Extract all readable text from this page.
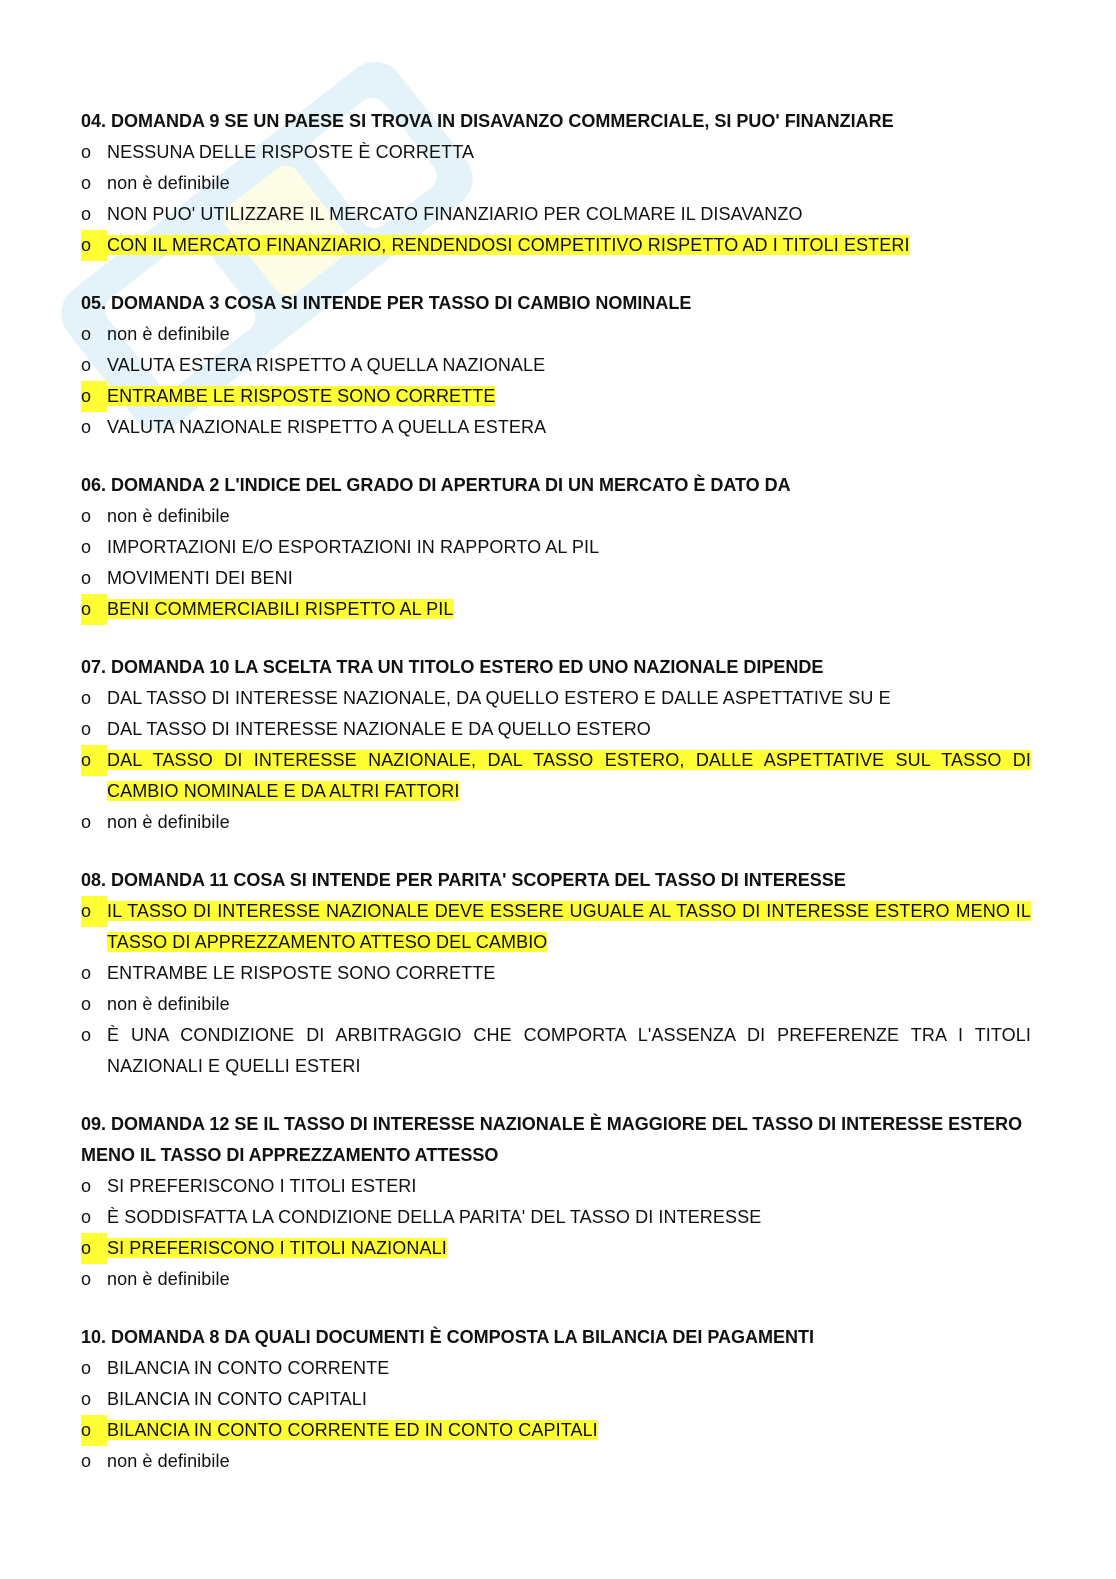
04. DOMANDA 9 SE UN PAESE SI TROVA IN DISAVANZO COMMERCIALE, SI PUO' FINANZIARE
o NESSUNA DELLE RISPOSTE È CORRETTA
o non è definibile
o NON PUO' UTILIZZARE IL MERCATO FINANZIARIO PER COLMARE IL DISAVANZO
o CON IL MERCATO FINANZIARIO, RENDENDOSI COMPETITIVO RISPETTO AD I TITOLI ESTERI
05. DOMANDA 3 COSA SI INTENDE PER TASSO DI CAMBIO NOMINALE
o non è definibile
o VALUTA ESTERA RISPETTO A QUELLA NAZIONALE
o ENTRAMBE LE RISPOSTE SONO CORRETTE
o VALUTA NAZIONALE RISPETTO A QUELLA ESTERA
06. DOMANDA 2 L'INDICE DEL GRADO DI APERTURA DI UN MERCATO È DATO DA
o non è definibile
o IMPORTAZIONI E/O ESPORTAZIONI IN RAPPORTO AL PIL
o MOVIMENTI DEI BENI
o BENI COMMERCIABILI RISPETTO AL PIL
07. DOMANDA 10 LA SCELTA TRA UN TITOLO ESTERO ED UNO NAZIONALE DIPENDE
o DAL TASSO DI INTERESSE NAZIONALE, DA QUELLO ESTERO E DALLE ASPETTATIVE SU E
o DAL TASSO DI INTERESSE NAZIONALE E DA QUELLO ESTERO
o DAL TASSO DI INTERESSE NAZIONALE, DAL TASSO ESTERO, DALLE ASPETTATIVE SUL TASSO DI CAMBIO NOMINALE E DA ALTRI FATTORI
o non è definibile
08. DOMANDA 11 COSA SI INTENDE PER PARITA' SCOPERTA DEL TASSO DI INTERESSE
o IL TASSO DI INTERESSE NAZIONALE DEVE ESSERE UGUALE AL TASSO DI INTERESSE ESTERO MENO IL TASSO DI APPREZZAMENTO ATTESO DEL CAMBIO
o ENTRAMBE LE RISPOSTE SONO CORRETTE
o non è definibile
o È UNA CONDIZIONE DI ARBITRAGGIO CHE COMPORTA L'ASSENZA DI PREFERENZE TRA I TITOLI NAZIONALI E QUELLI ESTERI
09. DOMANDA 12 SE IL TASSO DI INTERESSE NAZIONALE È MAGGIORE DEL TASSO DI INTERESSE ESTERO MENO IL TASSO DI APPREZZAMENTO ATTESSO
o SI PREFERISCONO I TITOLI ESTERI
o È SODDISFATTA LA CONDIZIONE DELLA PARITA' DEL TASSO DI INTERESSE
o SI PREFERISCONO I TITOLI NAZIONALI
o non è definibile
10. DOMANDA 8 DA QUALI DOCUMENTI È COMPOSTA LA BILANCIA DEI PAGAMENTI
o BILANCIA IN CONTO CORRENTE
o BILANCIA IN CONTO CAPITALI
o BILANCIA IN CONTO CORRENTE ED IN CONTO CAPITALI
o non è definibile
